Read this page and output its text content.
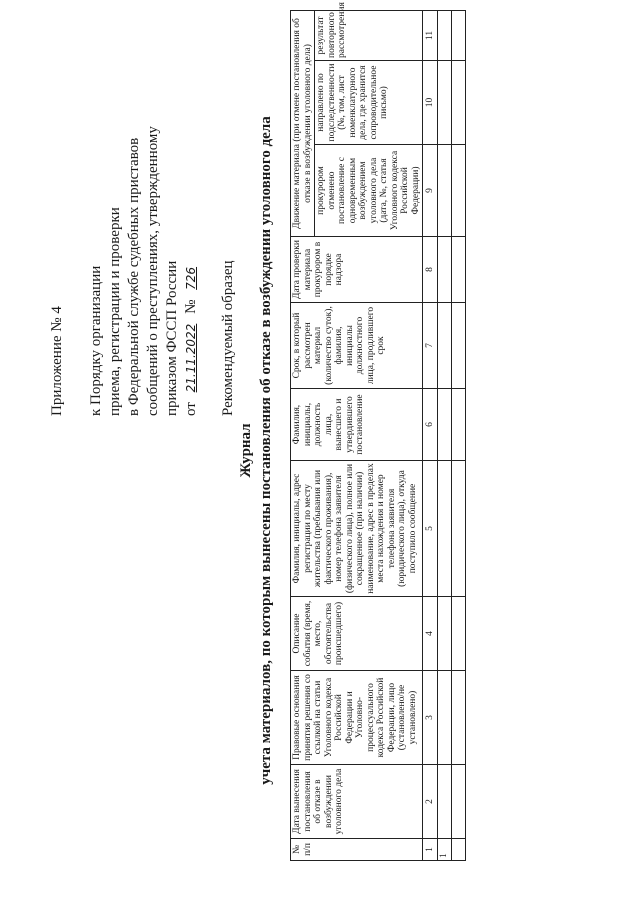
Приложение № 4 к Порядку организации приема, регистрации и проверки в Федеральной службе судебных приставов сообщений о преступлениях, утвержденному приказом ФССП России от 21.11.2022 № 726 Рекомендуемый образец
Журнал учета материалов, по которым вынесены постановления об отказе в возбуждении уголовного дела
№ п/п	Дата вынесения постановления об отказе в возбуждении уголовного дела	Правовые основания принятия решения со ссылкой на статьи Уголовного кодекса Российской Федерации и Уголовно-процессуального кодекса Российской Федерации, лицо (установлено/не установлено)	Описание события (время, место, обстоятельства происшедшего)	Фамилия, инициалы, адрес регистрации по месту жительства (пребывания или фактического проживания), номер телефона заявителя (физического лица), полное или сокращенное (при наличии) наименование, адрес в пределах места нахождения и номер телефона заявителя (юридического лица), откуда поступило сообщение	Фамилия, инициалы, должность лица, вынесшего и утвердившего постановление	Срок, в который рассмотрен материал (количество суток), фамилия, инициалы должностного лица, продлившего срок	Дата проверки материала прокурором в порядке надзора	Движение материала (при отмене постановления об отказе в возбуждении уголовного дела)		
								прокурором отменено постановление с одновременным возбуждением уголовного дела (дата, №, статья Уголовного кодекса Российской Федерации)	направлено по подследственности (№, том, лист номенклатурного дела, где хранится сопроводительное письмо)	результат повторного рассмотрения
1	2	3	4	5	6	7	8	9	10	11
1										
